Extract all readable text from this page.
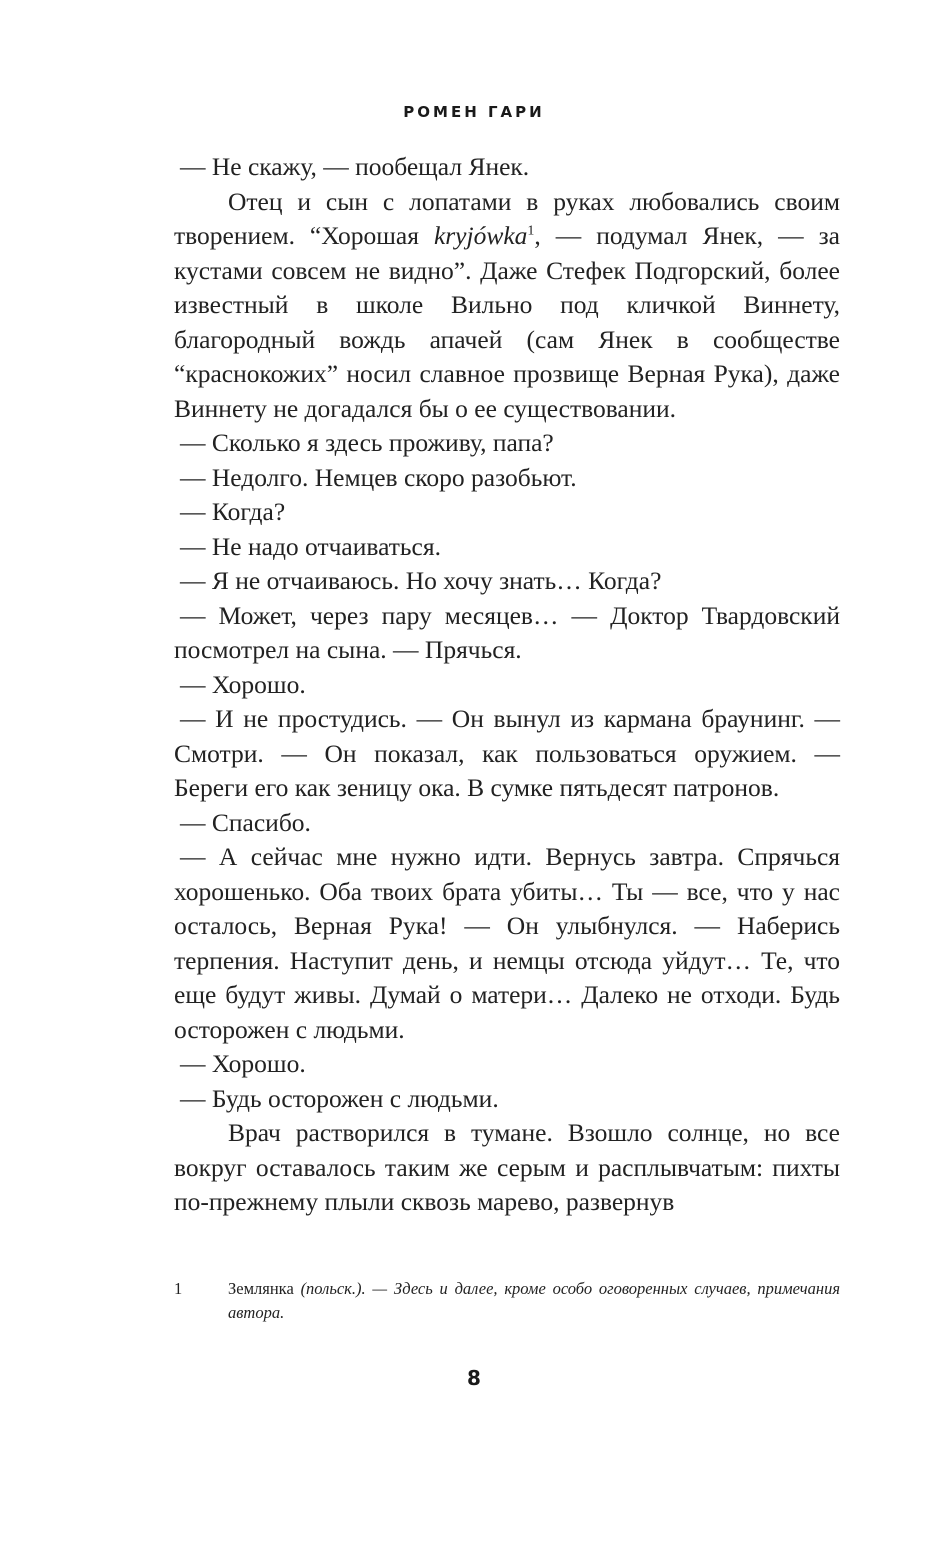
РОМЕН ГАРИ

— Не скажу, — пообещал Янек.

Отец и сын с лопатами в руках любовались своим творением. “Хорошая kryjówka$^1$, — подумал Янек, — за кустами совсем не видно”. Даже Стефек Подгорский, более известный в школе Вильно под кличкой Виннету, благородный вождь апачей (сам Янек в сообществе “краснокожих” носил славное прозвище Верная Рука), даже Виннету не догадался бы о ее существовании.

— Сколько я здесь проживу, папа?

— Недолго. Немцев скоро разобьют.

— Когда?

— Не надо отчаиваться.

— Я не отчаиваюсь. Но хочу знать… Когда?

— Может, через пару месяцев… — Доктор Твардовский посмотрел на сына. — Прячься.

— Хорошо.

— И не простудись. — Он вынул из кармана браунинг. — Смотри. — Он показал, как пользоваться оружием. — Береги его как зеницу ока. В сумке пятьдесят патронов.

— Спасибо.

— А сейчас мне нужно идти. Вернусь завтра. Спрячься хорошенько. Оба твоих брата убиты… Ты — все, что у нас осталось, Верная Рука! — Он улыбнулся. — Наберись терпения. Наступит день, и немцы отсюда уйдут… Те, что еще будут живы. Думай о матери… Далеко не отходи. Будь осторожен с людьми.

— Хорошо.

— Будь осторожен с людьми.

Врач растворился в тумане. Взошло солнце, но все вокруг оставалось таким же серым и расплывчатым: пихты по-прежнему плыли сквозь марево, развернув

1	Землянка (польск.). — Здесь и далее, кроме особо оговоренных случаев, примечания автора.
8
